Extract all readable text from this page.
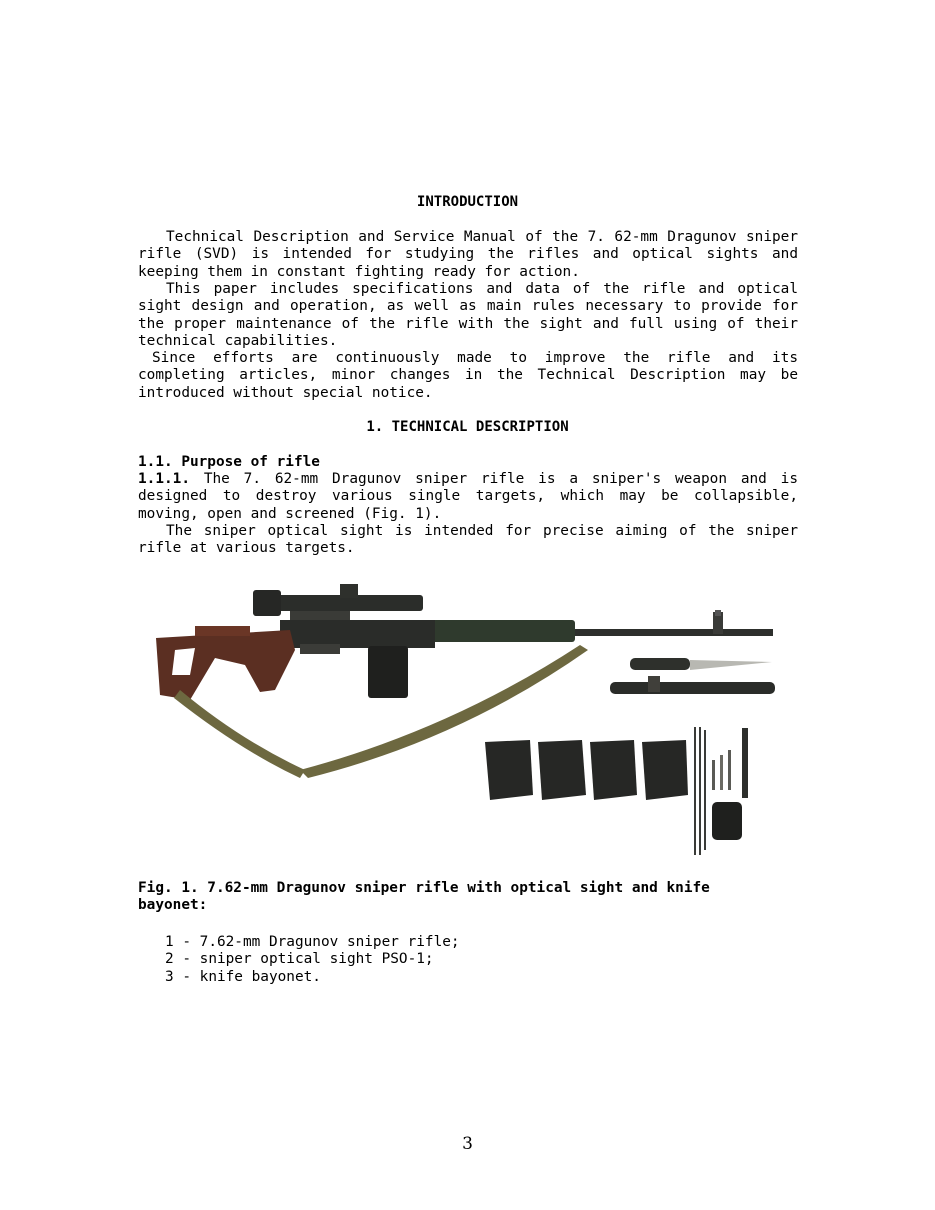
INTRODUCTION
Technical Description and Service Manual of the 7. 62-mm Dragunov sniper rifle (SVD) is intended for studying the rifles and optical sights and keeping them in constant fighting ready for action.
This paper includes specifications and data of the rifle and optical sight design and operation, as well as main rules necessary to provide for the proper maintenance of the rifle with the sight and full using of their technical capabilities.
Since efforts are continuously made to improve the rifle and its completing articles, minor changes in the Technical Description may be introduced without special notice.
1. TECHNICAL DESCRIPTION
1.1. Purpose of rifle
1.1.1. The 7. 62-mm Dragunov sniper rifle is a sniper's weapon and is designed to destroy various single targets, which may be collapsible, moving, open and screened (Fig. 1).
The sniper optical sight is intended for precise aiming of the sniper rifle at various targets.
Fig. 1. 7.62-mm Dragunov sniper rifle with optical sight and knife bayonet:
1 - 7.62-mm Dragunov sniper rifle;
2 - sniper optical sight PSO-1;
3 - knife bayonet.
3
